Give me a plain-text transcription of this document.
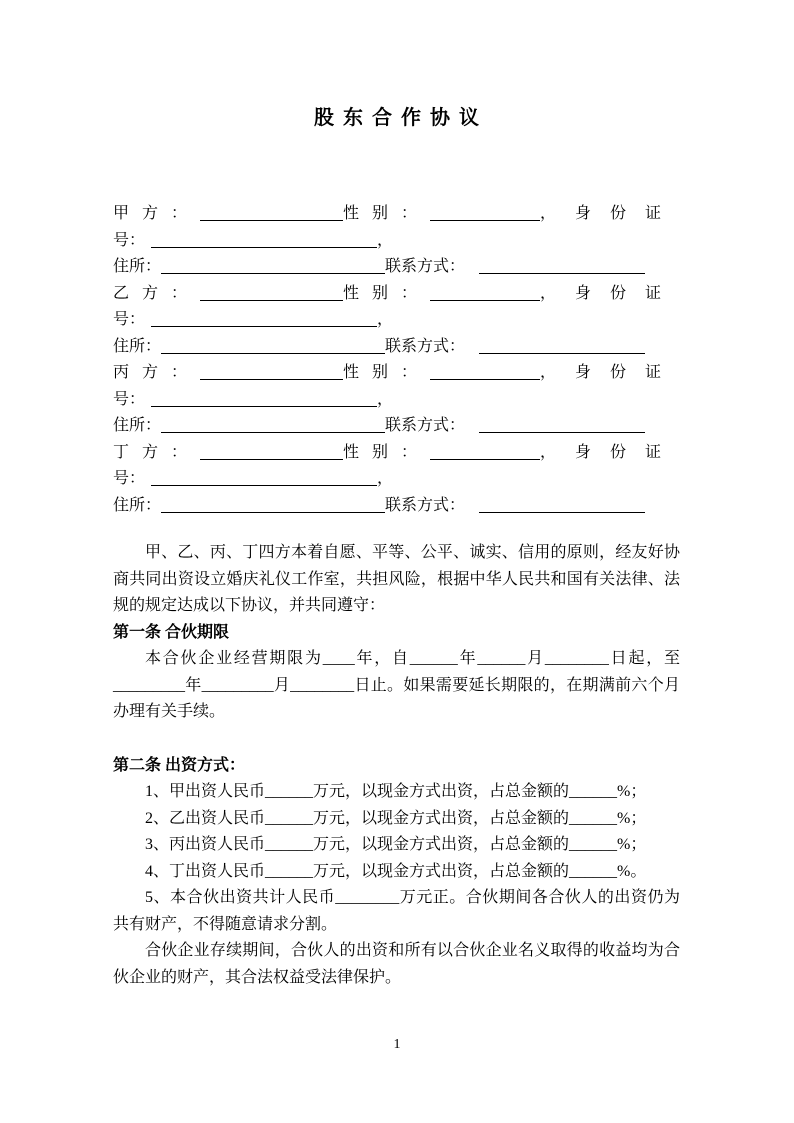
股东合作协议
甲方：	性别：	，身份证
号：	，
住所：	联系方式：
乙方：	性别：	，身份证
号：	，
住所：	联系方式：
丙方：	性别：	，身份证
号：	，
住所：	联系方式：
丁方：	性别：	，身份证
号：	，
住所：	联系方式：

甲、乙、丙、丁四方本着自愿、平等、公平、诚实、信用的原则，经友好协商共同出资设立婚庆礼仪工作室，共担风险，根据中华人民共和国有关法律、法规的规定达成以下协议，并共同遵守：

第一条 合伙期限

本合伙企业经营期限为____年，自______年______月________日起，至_________年_________月________日止。如果需要延长期限的，在期满前六个月办理有关手续。

第二条 出资方式：

1、甲出资人民币______万元，以现金方式出资，占总金额的______%；

2、乙出资人民币______万元，以现金方式出资，占总金额的______%；

3、丙出资人民币______万元，以现金方式出资，占总金额的______%；

4、丁出资人民币______万元，以现金方式出资，占总金额的______%。

5、本合伙出资共计人民币________万元正。合伙期间各合伙人的出资仍为共有财产，不得随意请求分割。

合伙企业存续期间，合伙人的出资和所有以合伙企业名义取得的收益均为合伙企业的财产，其合法权益受法律保护。

1
